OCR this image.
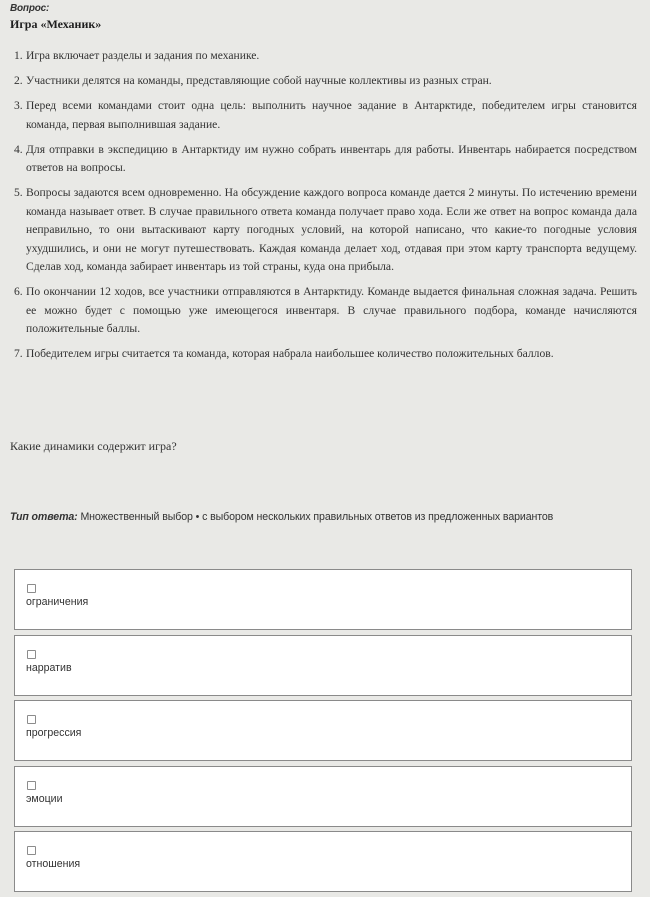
Вопрос:
Игра «Механик»
1. Игра включает разделы и задания по механике.
2. Участники делятся на команды, представляющие собой научные коллективы из разных стран.
3. Перед всеми командами стоит одна цель: выполнить научное задание в Антарктиде, победителем игры становится команда, первая выполнившая задание.
4. Для отправки в экспедицию в Антарктиду им нужно собрать инвентарь для работы. Инвентарь набирается посредством ответов на вопросы.
5. Вопросы задаются всем одновременно. На обсуждение каждого вопроса команде дается 2 минуты. По истечению времени команда называет ответ. В случае правильного ответа команда получает право хода. Если же ответ на вопрос команда дала неправильно, то они вытаскивают карту погодных условий, на которой написано, что какие-то погодные условия ухудшились, и они не могут путешествовать. Каждая команда делает ход, отдавая при этом карту транспорта ведущему. Сделав ход, команда забирает инвентарь из той страны, куда она прибыла.
6. По окончании 12 ходов, все участники отправляются в Антарктиду. Команде выдается финальная сложная задача. Решить ее можно будет с помощью уже имеющегося инвентаря. В случае правильного подбора, команде начисляются положительные баллы.
7. Победителем игры считается та команда, которая набрала наибольшее количество положительных баллов.
Какие динамики содержит игра?
Тип ответа: Множественный выбор • с выбором нескольких правильных ответов из предложенных вариантов
ограничения
нарратив
прогрессия
эмоции
отношения
